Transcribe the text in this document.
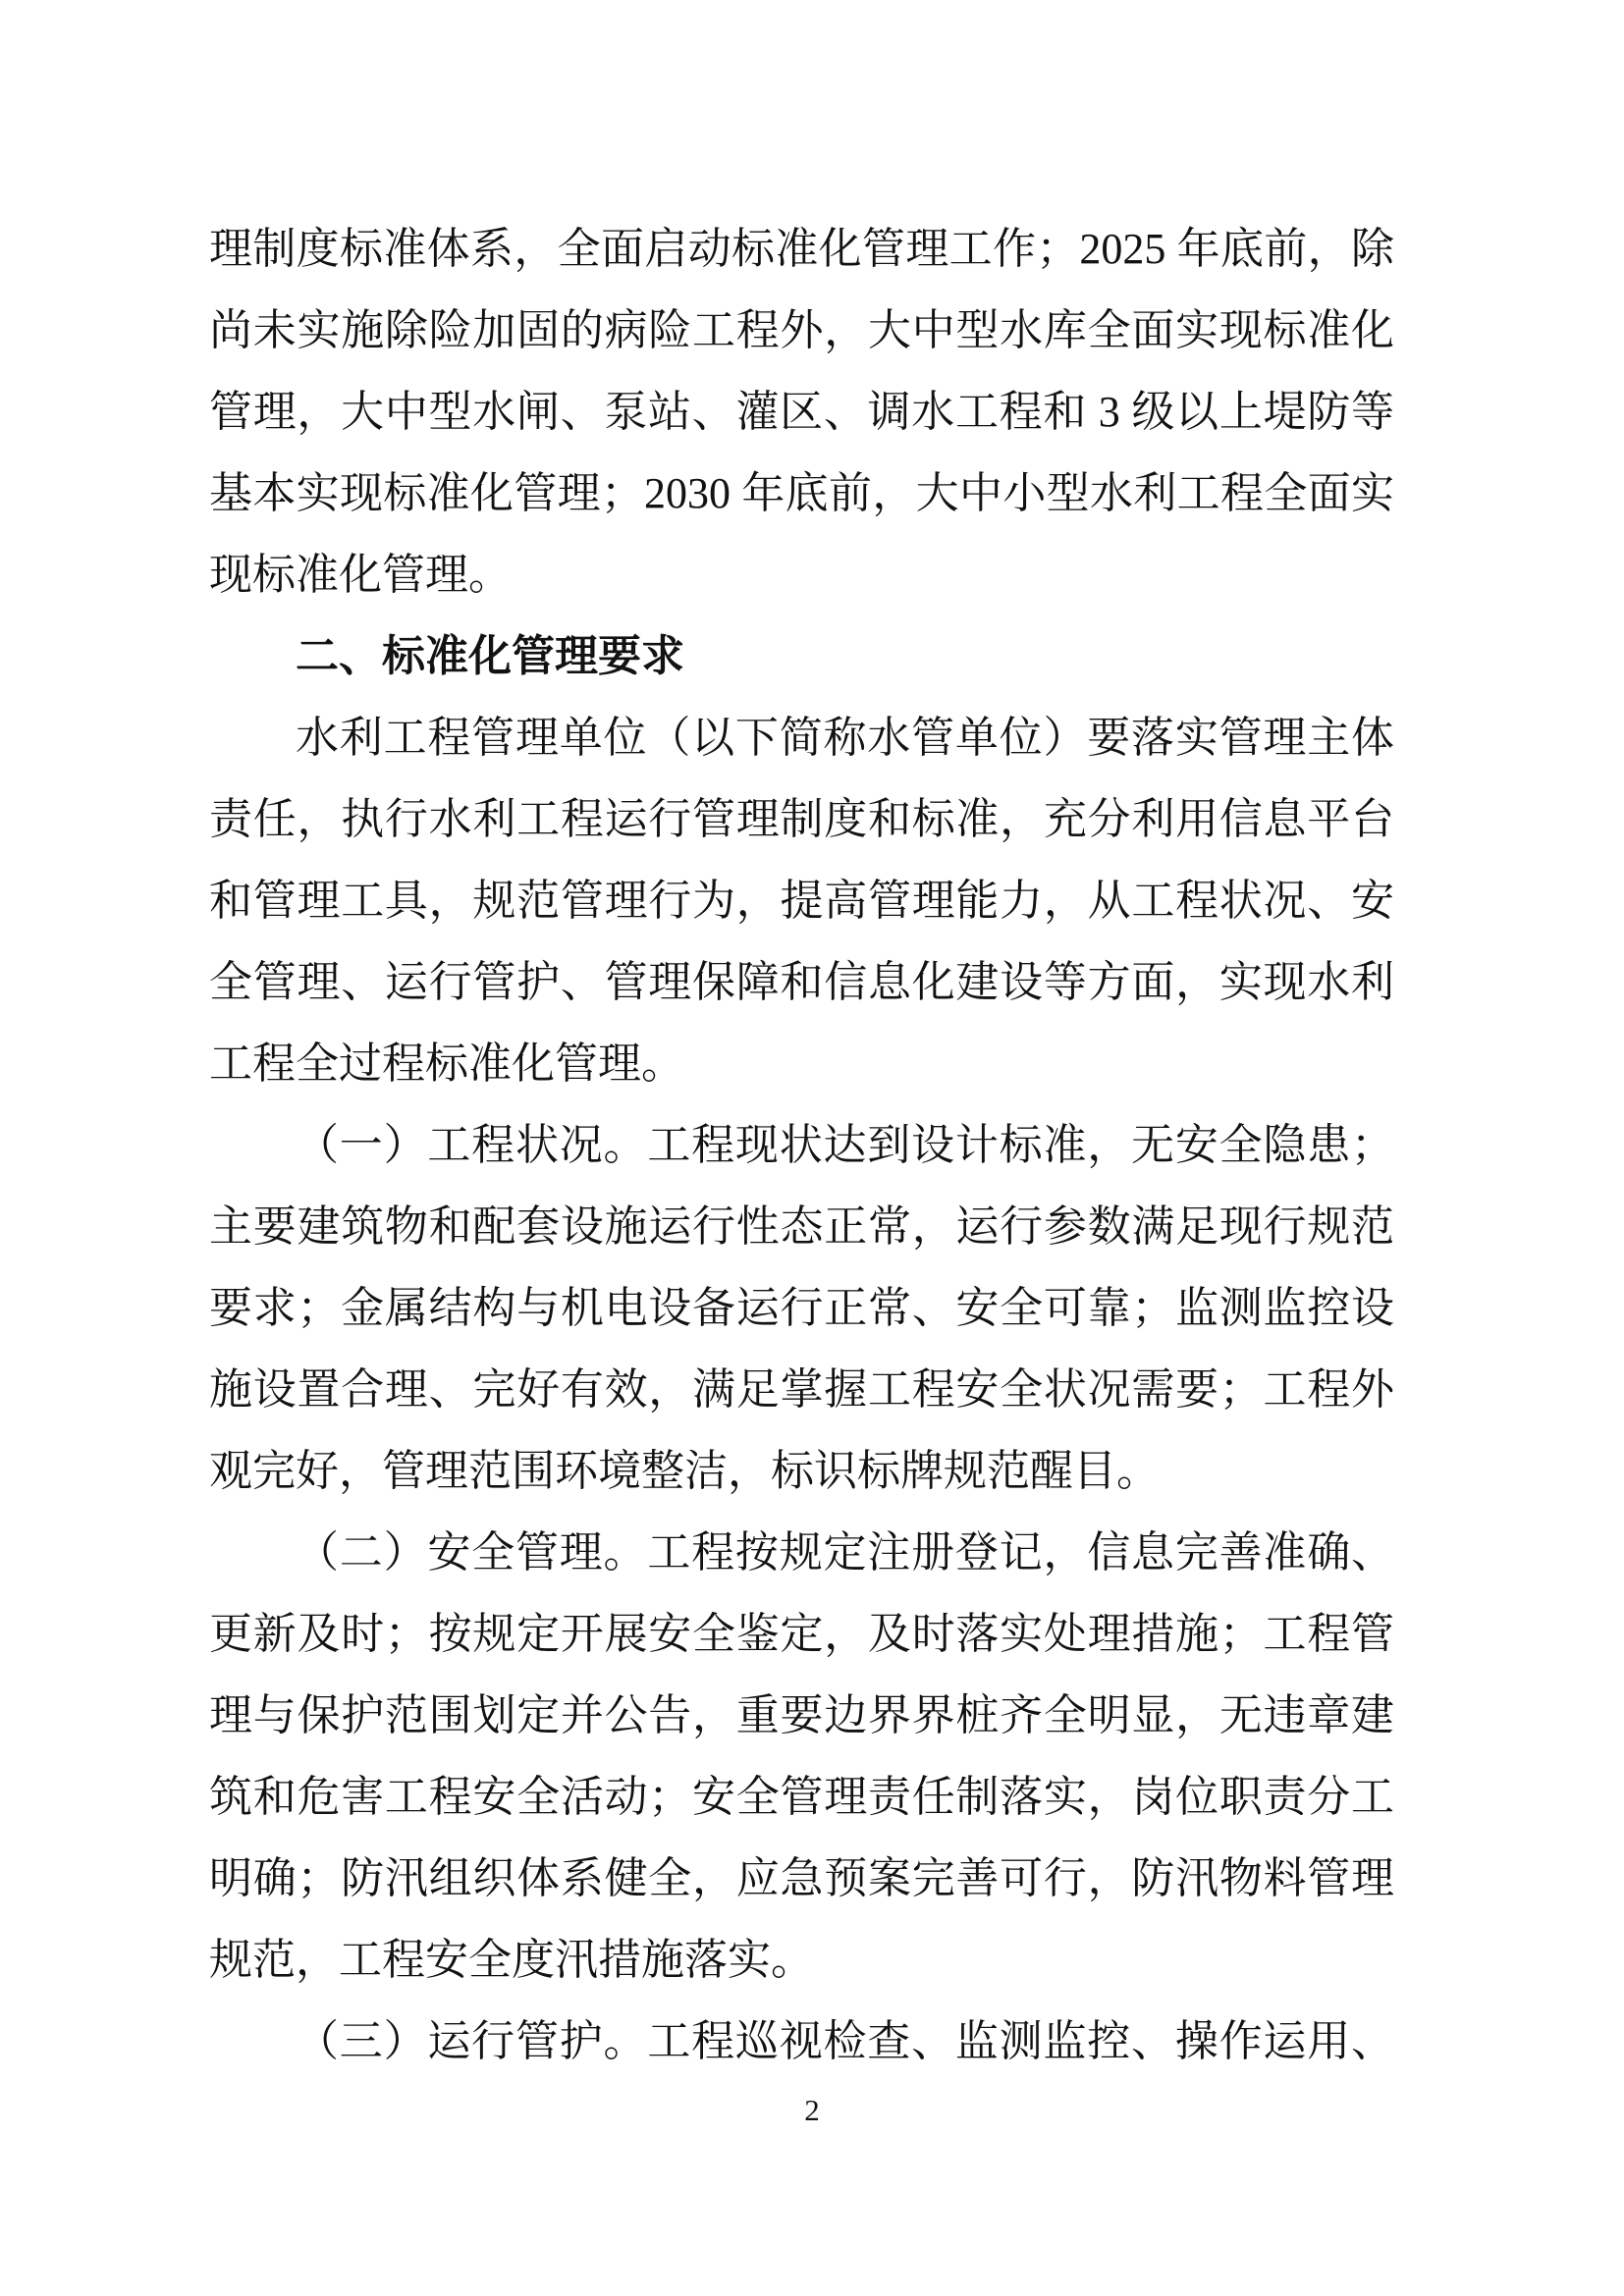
理制度标准体系，全面启动标准化管理工作；2025 年底前，除
尚未实施除险加固的病险工程外，大中型水库全面实现标准化
管理，大中型水闸、泵站、灌区、调水工程和 3 级以上堤防等
基本实现标准化管理；2030 年底前，大中小型水利工程全面实
现标准化管理。
二、标准化管理要求
水利工程管理单位（以下简称水管单位）要落实管理主体
责任，执行水利工程运行管理制度和标准，充分利用信息平台
和管理工具，规范管理行为，提高管理能力，从工程状况、安
全管理、运行管护、管理保障和信息化建设等方面，实现水利
工程全过程标准化管理。
（一）工程状况。工程现状达到设计标准，无安全隐患；
主要建筑物和配套设施运行性态正常，运行参数满足现行规范
要求；金属结构与机电设备运行正常、安全可靠；监测监控设
施设置合理、完好有效，满足掌握工程安全状况需要；工程外
观完好，管理范围环境整洁，标识标牌规范醒目。
（二）安全管理。工程按规定注册登记，信息完善准确、
更新及时；按规定开展安全鉴定，及时落实处理措施；工程管
理与保护范围划定并公告，重要边界界桩齐全明显，无违章建
筑和危害工程安全活动；安全管理责任制落实，岗位职责分工
明确；防汛组织体系健全，应急预案完善可行，防汛物料管理
规范，工程安全度汛措施落实。
（三）运行管护。工程巡视检查、监测监控、操作运用、
2
